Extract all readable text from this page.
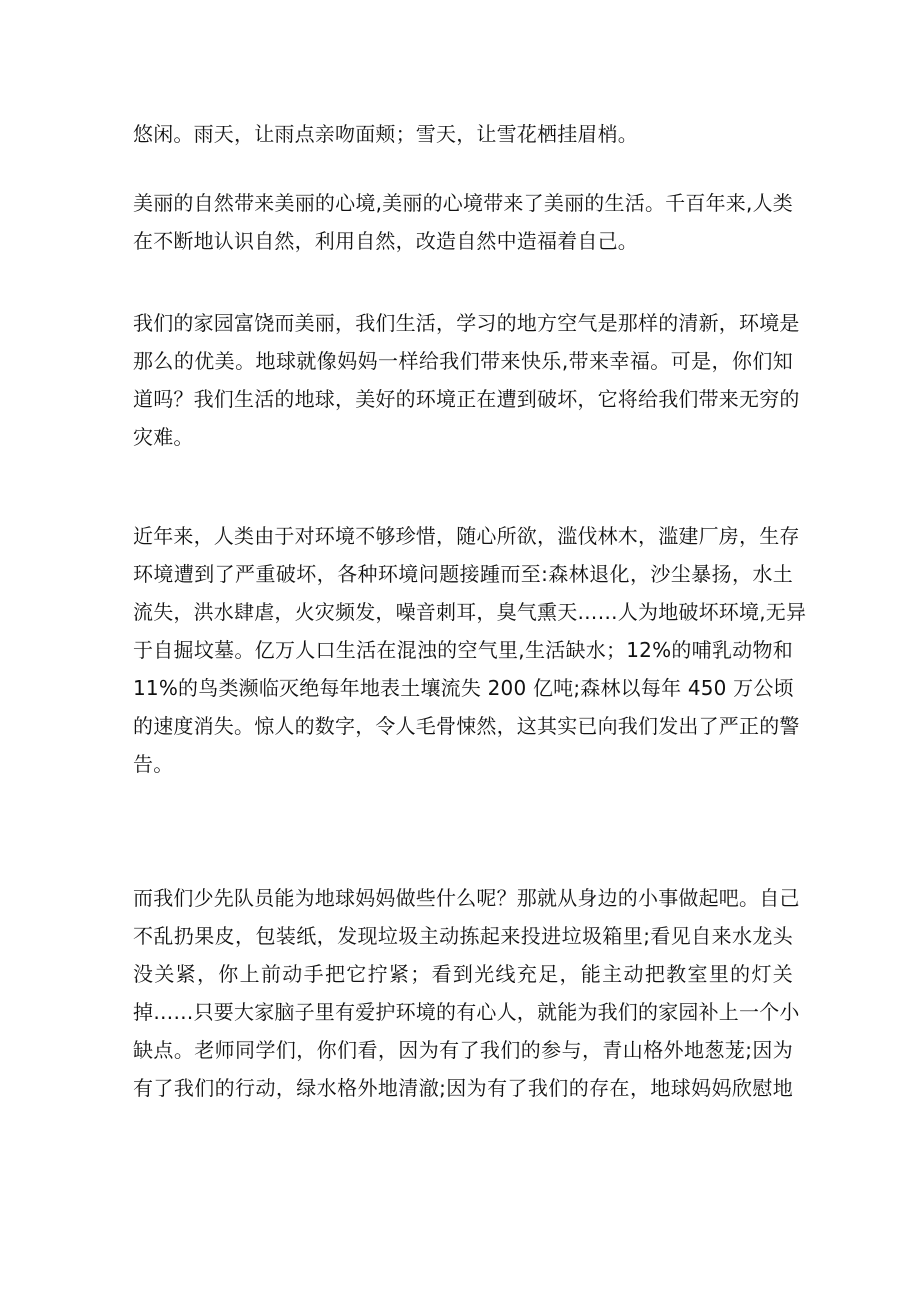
悠闲。雨天，让雨点亲吻面颊；雪天，让雪花栖挂眉梢。
美丽的自然带来美丽的心境,美丽的心境带来了美丽的生活。千百年来,人类
在不断地认识自然，利用自然，改造自然中造福着自己。
我们的家园富饶而美丽，我们生活，学习的地方空气是那样的清新，环境是
那么的优美。地球就像妈妈一样给我们带来快乐,带来幸福。可是，你们知
道吗？我们生活的地球，美好的环境正在遭到破坏，它将给我们带来无穷的
灾难。
近年来，人类由于对环境不够珍惜，随心所欲，滥伐林木，滥建厂房，生存
环境遭到了严重破坏，各种环境问题接踵而至:森林退化，沙尘暴扬，水土
流失，洪水肆虐，火灾频发，噪音刺耳，臭气熏天……人为地破坏环境,无异
于自掘坟墓。亿万人口生活在混浊的空气里,生活缺水；12%的哺乳动物和
11%的鸟类濒临灭绝每年地表土壤流失 200 亿吨;森林以每年 450 万公顷
的速度消失。惊人的数字，令人毛骨悚然，这其实已向我们发出了严正的警
告。
而我们少先队员能为地球妈妈做些什么呢？那就从身边的小事做起吧。自己
不乱扔果皮，包装纸，发现垃圾主动拣起来投进垃圾箱里;看见自来水龙头
没关紧，你上前动手把它拧紧；看到光线充足，能主动把教室里的灯关
掉……只要大家脑子里有爱护环境的有心人，就能为我们的家园补上一个小
缺点。老师同学们，你们看，因为有了我们的参与，青山格外地葱茏;因为
有了我们的行动，绿水格外地清澈;因为有了我们的存在，地球妈妈欣慰地
